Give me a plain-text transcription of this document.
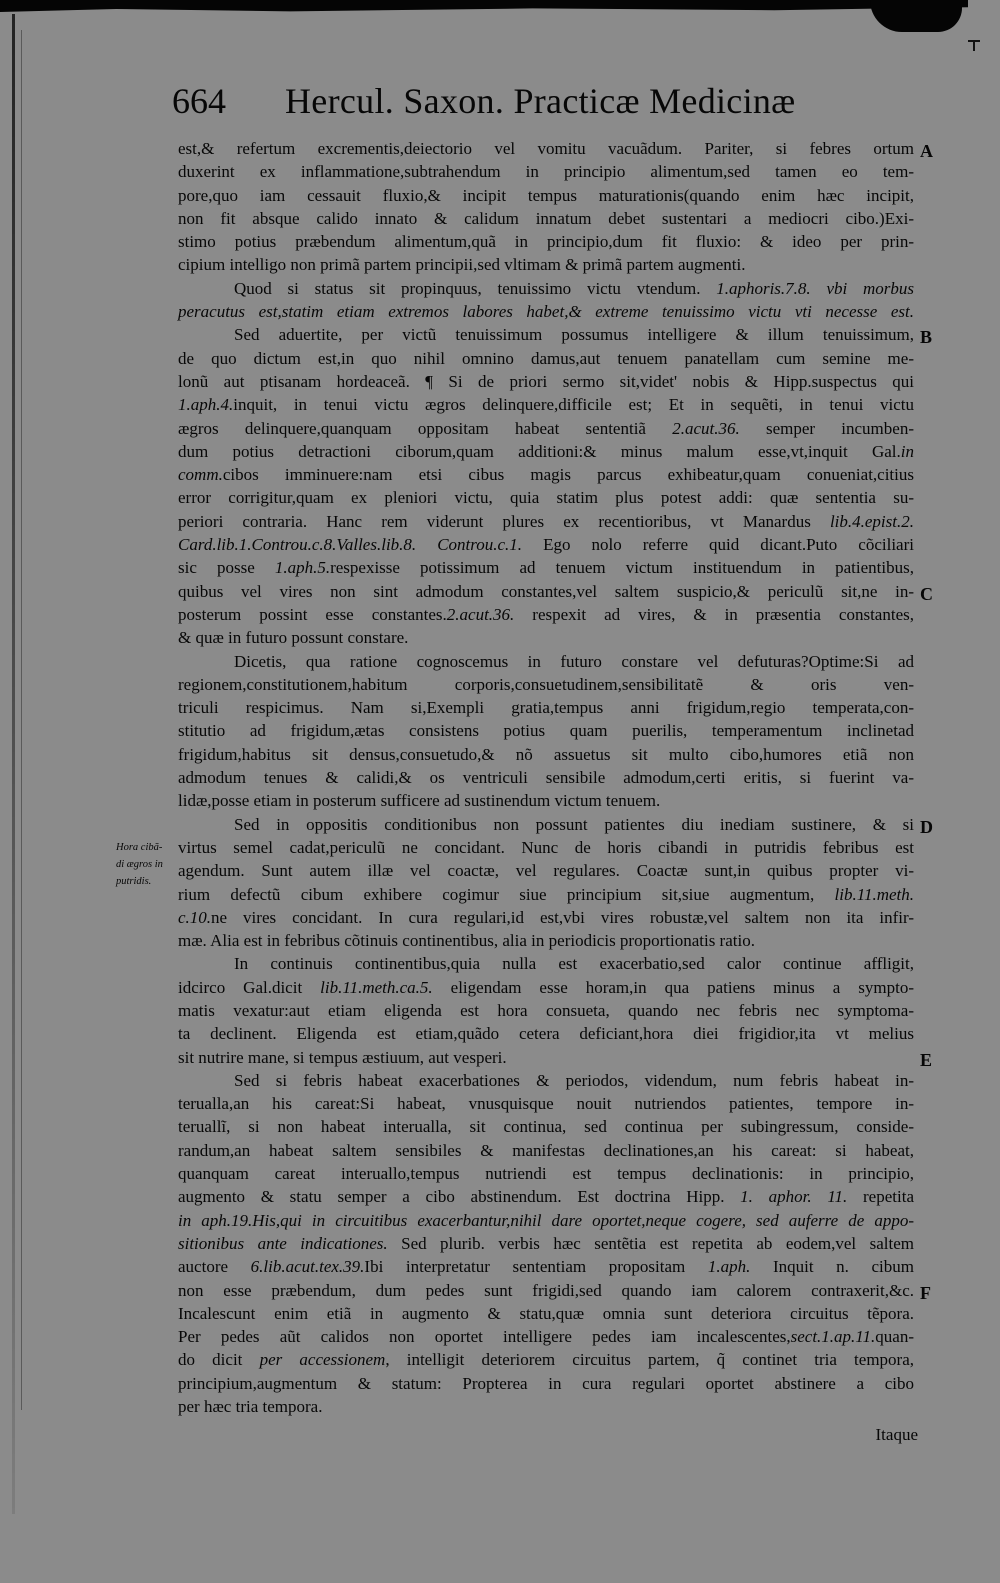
664 Hercul. Saxon. Practicæ Medicinæ
est,& refertum excrementis,deiectorio vel vomitu vacuãdum. Pariter, si febres ortum A
duxerint ex inflammatione,subtrahendum in principio alimentum,sed tamen eo tem-
pore,quo iam cessauit fluxio,& incipit tempus maturationis(quando enim hæc incipit,
non fit absque calido innato & calidum innatum debet sustentari a mediocri cibo.)Exi-
stimo potius præbendum alimentum,quã in principio,dum fit fluxio: & ideo per prin-
cipium intelligo non primã partem principii,sed vltimam & primã partem augmenti.
Quod si status sit propinquus, tenuissimo victu vtendum. 1.aphoris.7.8. vbi morbus
peracutus est,statim etiam extremos labores habet,& extreme tenuissimo victu vti necesse est.
Sed aduertite, per victũ tenuissimum possumus intelligere & illum tenuissimum, B
de quo dictum est,in quo nihil omnino damus,aut tenuem panatellam cum semine me-
lonũ aut ptisanam hordeaceã. ¶ Si de priori sermo sit,videt' nobis & Hipp.suspectus qui
1.aph.4.inquit, in tenui victu ægros delinquere,difficile est; Et in sequẽti, in tenui victu
ægros delinquere,quanquam oppositam habeat sententiã 2.acut.36. semper incumben-
dum potius detractioni ciborum,quam additioni:& minus malum esse,vt,inquit Gal.in
comm.cibos imminuere:nam etsi cibus magis parcus exhibeatur,quam conueniat,citius
error corrigitur,quam ex pleniori victu, quia statim plus potest addi: quæ sententia su-
periori contraria. Hanc rem viderunt plures ex recentioribus, vt Manardus lib.4.epist.2.
Card.lib.1.Controu.c.8.Valles.lib.8. Controu.c.1. Ego nolo referre quid dicant.Puto cõciliari
sic posse 1.aph.5.respexisse potissimum ad tenuem victum instituendum in patientibus,
quibus vel vires non sint admodum constantes,vel saltem suspicio,& periculũ sit,ne in- C
posterum possint esse constantes.2.acut.36. respexit ad vires, & in præsentia constantes,
& quæ in futuro possunt constare.
Dicetis, qua ratione cognoscemus in futuro constare vel defuturas?Optime:Si ad
regionem,constitutionem,habitum corporis,consuetudinem,sensibilitatẽ & oris ven-
triculi respicimus. Nam si,Exempli gratia,tempus anni frigidum,regio temperata,con-
stitutio ad frigidum,ætas consistens potius quam puerilis, temperamentum inclinetad
frigidum,habitus sit densus,consuetudo,& nõ assuetus sit multo cibo,humores etiã non
admodum tenues & calidi,& os ventriculi sensibile admodum,certi eritis, si fuerint va-
lidæ,posse etiam in posterum sufficere ad sustinendum victum tenuem.
Sed in oppositis conditionibus non possunt patientes diu inediam sustinere, & si D
virtus semel cadat,periculũ ne concidant. Nunc de horis cibandi in putridis febribus est
Hora cibã-
di ægros in
putridis.
agendum. Sunt autem illæ vel coactæ, vel regulares. Coactæ sunt,in quibus propter vi-
rium defectũ cibum exhibere cogimur siue principium sit,siue augmentum, lib.11.meth.
c.10.ne vires concidant. In cura regulari,id est,vbi vires robustæ,vel saltem non ita infir-
mæ. Alia est in febribus cõtinuis continentibus, alia in periodicis proportionatis ratio.
In continuis continentibus,quia nulla est exacerbatio,sed calor continue affligit,
idcirco Gal.dicit lib.11.meth.ca.5. eligendam esse horam,in qua patiens minus a sympto-
matis vexatur:aut etiam eligenda est hora consueta, quando nec febris nec symptoma-
ta declinent. Eligenda est etiam,quãdo cetera deficiant,hora diei frigidior,ita vt melius
sit nutrire mane, si tempus æstiuum, aut vesperi.	E
Sed si febris habeat exacerbationes & periodos, videndum, num febris habeat in-
terualla,an his careat:Si habeat, vnusquisque nouit nutriendos patientes, tempore in-
teruallĩ, si non habeat interualla, sit continua, sed continua per subingressum, conside-
randum,an habeat saltem sensibiles & manifestas declinationes,an his careat: si habeat,
quanquam careat interuallo,tempus nutriendi est tempus declinationis: in principio,
augmento & statu semper a cibo abstinendum. Est doctrina Hipp. 1. aphor. 11. repetita
in aph.19.His,qui in circuitibus exacerbantur,nihil dare oportet,neque cogere, sed auferre de appo-
sitionibus ante indicationes. Sed plurib. verbis hæc sentẽtia est repetita ab eodem,vel saltem
auctore 6.lib.acut.tex.39.Ibi interpretatur sententiam propositam 1.aph. Inquit n. cibum
non esse præbendum, dum pedes sunt frigidi,sed quando iam calorem contraxerit,&c. F
Incalescunt enim etiã in augmento & statu,quæ omnia sunt deteriora circuitus tẽpora.
Per pedes aũt calidos non oportet intelligere pedes iam incalescentes,sect.1.ap.11.quan-
do dicit per accessionem, intelligit deteriorem circuitus partem, q̃ continet tria tempora,
principium,augmentum & statum: Propterea in cura regulari oportet abstinere a cibo
per hæc tria tempora.
Itaque
